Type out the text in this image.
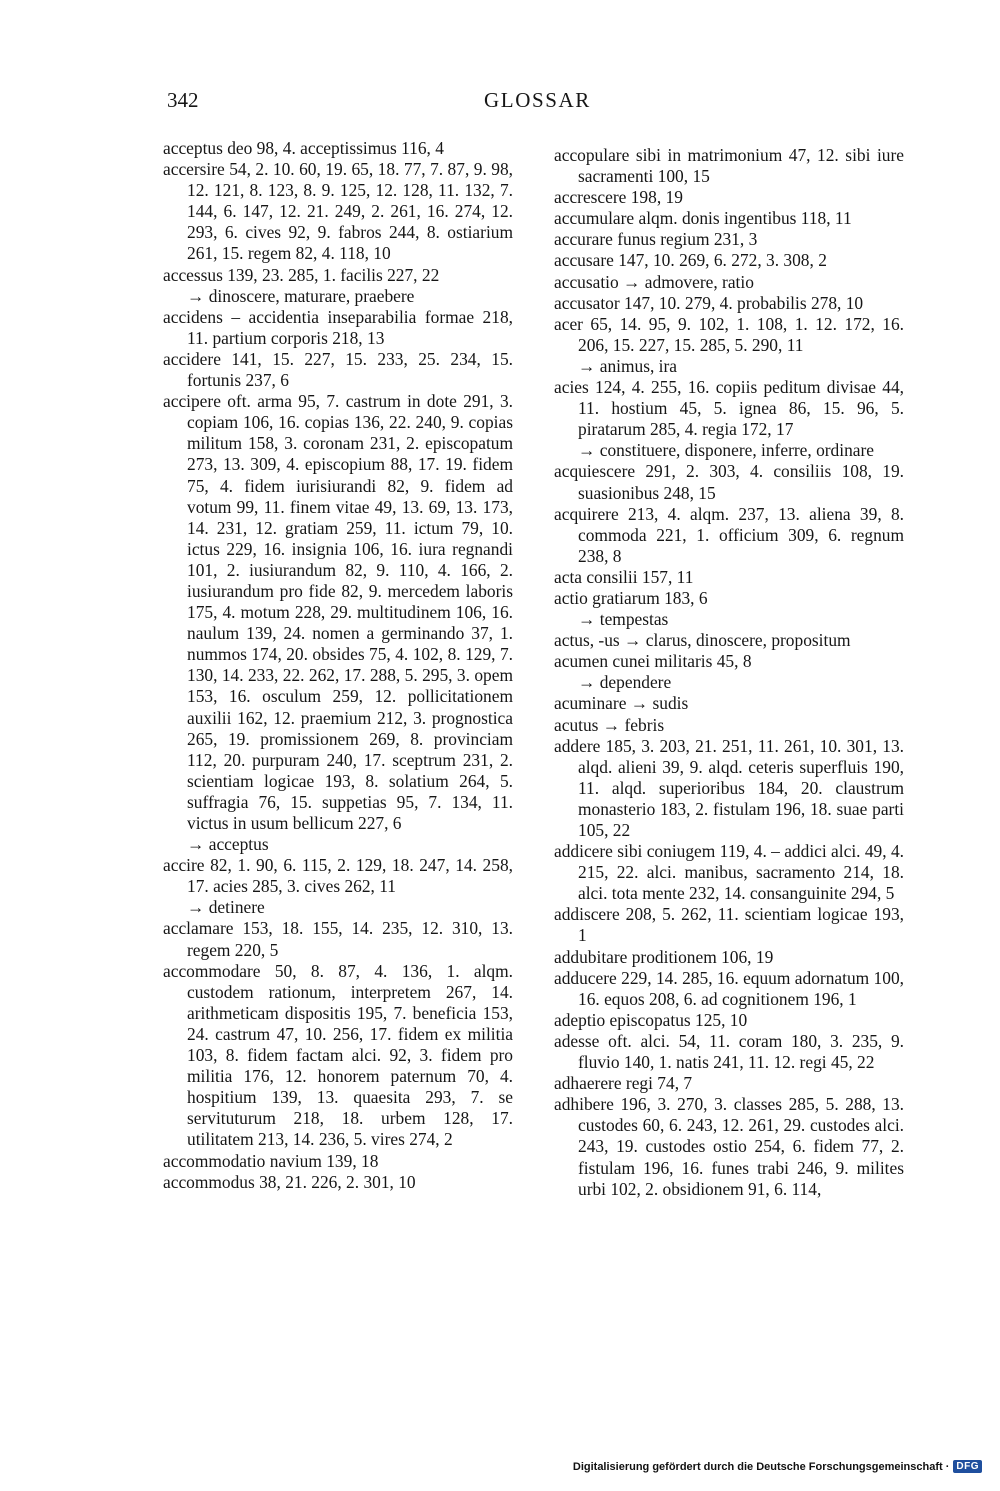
342	GLOSSAR

acceptus deo 98, 4. acceptissimus 116, 4

accersire 54, 2. 10. 60, 19. 65, 18. 77, 7. 87, 9. 98, 12. 121, 8. 123, 8. 9. 125, 12. 128, 11. 132, 7. 144, 6. 147, 12. 21. 249, 2. 261, 16. 274, 12. 293, 6. cives 92, 9. fabros 244, 8. ostiarium 261, 15. regem 82, 4. 118, 10

accessus 139, 23. 285, 1. facilis 227, 22

→ dinoscere, maturare, praebere

accidens – accidentia inseparabilia formae 218, 11. partium corporis 218, 13

accidere 141, 15. 227, 15. 233, 25. 234, 15. fortunis 237, 6

accipere oft. arma 95, 7. castrum in dote 291, 3. copiam 106, 16. copias 136, 22. 240, 9. copias militum 158, 3. coronam 231, 2. episcopatum 273, 13. 309, 4. episcopium 88, 17. 19. fidem 75, 4. fidem iurisiurandi 82, 9. fidem ad votum 99, 11. finem vitae 49, 13. 69, 13. 173, 14. 231, 12. gratiam 259, 11. ictum 79, 10. ictus 229, 16. insignia 106, 16. iura regnandi 101, 2. iusiurandum 82, 9. 110, 4. 166, 2. iusiurandum pro fide 82, 9. mercedem laboris 175, 4. motum 228, 29. multitudinem 106, 16. naulum 139, 24. nomen a germinando 37, 1. nummos 174, 20. obsides 75, 4. 102, 8. 129, 7. 130, 14. 233, 22. 262, 17. 288, 5. 295, 3. opem 153, 16. osculum 259, 12. pollicitationem auxilii 162, 12. praemium 212, 3. prognostica 265, 19. promissionem 269, 8. provinciam 112, 20. purpuram 240, 17. sceptrum 231, 2. scientiam logicae 193, 8. solatium 264, 5. suffragia 76, 15. suppetias 95, 7. 134, 11. victus in usum bellicum 227, 6

→ acceptus

accire 82, 1. 90, 6. 115, 2. 129, 18. 247, 14. 258, 17. acies 285, 3. cives 262, 11

→ detinere

acclamare 153, 18. 155, 14. 235, 12. 310, 13. regem 220, 5

accommodare 50, 8. 87, 4. 136, 1. alqm. custodem rationum, interpretem 267, 14. arithmeticam dispositis 195, 7. beneficia 153, 24. castrum 47, 10. 256, 17. fidem ex militia 103, 8. fidem factam alci. 92, 3. fidem pro militia 176, 12. honorem paternum 70, 4. hospitium 139, 13. quaesita 293, 7. se servituturum 218, 18. urbem 128, 17. utilitatem 213, 14. 236, 5. vires 274, 2

accommodatio navium 139, 18

accommodus 38, 21. 226, 2. 301, 10

accopulare sibi in matrimonium 47, 12. sibi iure sacramenti 100, 15

accrescere 198, 19

accumulare alqm. donis ingentibus 118, 11

accurare funus regium 231, 3

accusare 147, 10. 269, 6. 272, 3. 308, 2

accusatio → admovere, ratio

accusator 147, 10. 279, 4. probabilis 278, 10

acer 65, 14. 95, 9. 102, 1. 108, 1. 12. 172, 16. 206, 15. 227, 15. 285, 5. 290, 11

→ animus, ira

acies 124, 4. 255, 16. copiis peditum divisae 44, 11. hostium 45, 5. ignea 86, 15. 96, 5. piratarum 285, 4. regia 172, 17

→ constituere, disponere, inferre, ordinare

acquiescere 291, 2. 303, 4. consiliis 108, 19. suasionibus 248, 15

acquirere 213, 4. alqm. 237, 13. aliena 39, 8. commoda 221, 1. officium 309, 6. regnum 238, 8

acta consilii 157, 11

actio gratiarum 183, 6

→ tempestas

actus, -us → clarus, dinoscere, propositum

acumen cunei militaris 45, 8

→ dependere

acuminare → sudis

acutus → febris

addere 185, 3. 203, 21. 251, 11. 261, 10. 301, 13. alqd. alieni 39, 9. alqd. ceteris superfluis 190, 11. alqd. superioribus 184, 20. claustrum monasterio 183, 2. fistulam 196, 18. suae parti 105, 22

addicere sibi coniugem 119, 4. – addici alci. 49, 4. 215, 22. alci. manibus, sacramento 214, 18. alci. tota mente 232, 14. consanguinite 294, 5

addiscere 208, 5. 262, 11. scientiam logicae 193, 1

addubitare proditionem 106, 19

adducere 229, 14. 285, 16. equum adornatum 100, 16. equos 208, 6. ad cognitionem 196, 1

adeptio episcopatus 125, 10

adesse oft. alci. 54, 11. coram 180, 3. 235, 9. fluvio 140, 1. natis 241, 11. 12. regi 45, 22

adhaerere regi 74, 7

adhibere 196, 3. 270, 3. classes 285, 5. 288, 13. custodes 60, 6. 243, 12. 261, 29. custodes alci. 243, 19. custodes ostio 254, 6. fidem 77, 2. fistulam 196, 16. funes trabi 246, 9. milites urbi 102, 2. obsidionem 91, 6. 114,

Digitalisierung gefördert durch die Deutsche Forschungsgemeinschaft · DFG
